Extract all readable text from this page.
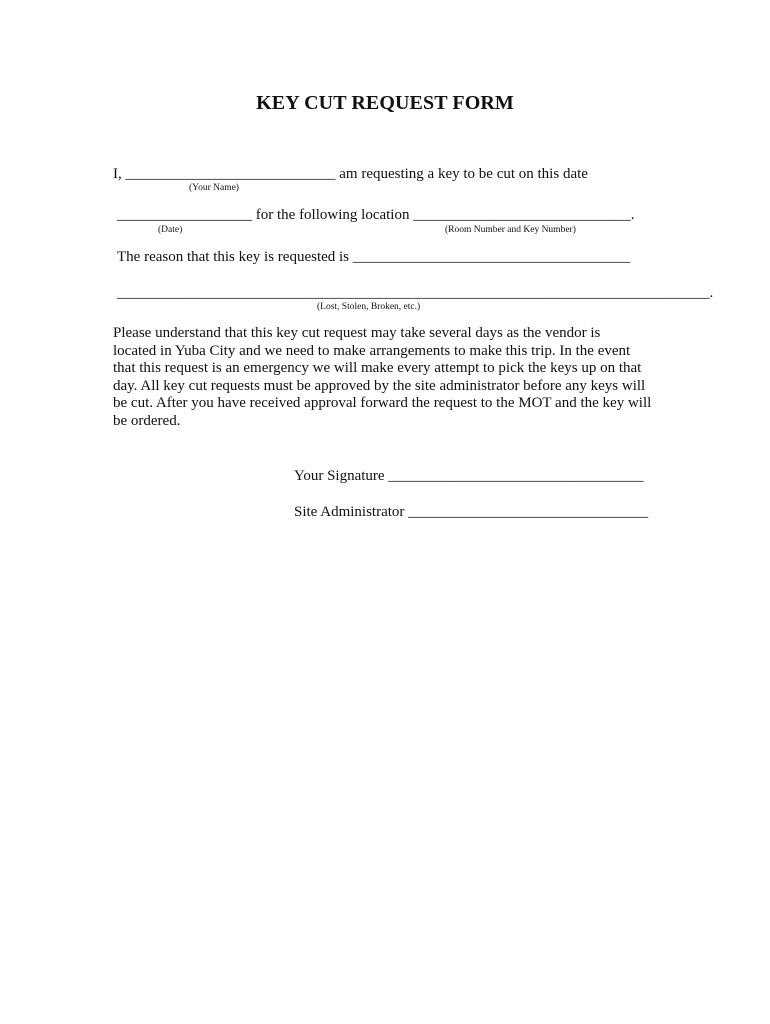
KEY CUT REQUEST FORM
I, ____________________________ am requesting a key to be cut on this date
(Your Name)
__________________ for the following location _____________________________.
(Date)	(Room Number and Key Number)
The reason that this key is requested is _____________________________________
_______________________________________________________________________________.
(Lost, Stolen, Broken, etc.)
Please understand that this key cut request may take several days as the vendor is
located in Yuba City and we need to make arrangements to make this trip. In the event
that this request is an emergency we will make every attempt to pick the keys up on that
day. All key cut requests must be approved by the site administrator before any keys will
be cut. After you have received approval forward the request to the MOT and the key will
be ordered.
Your Signature __________________________________
Site Administrator ________________________________
